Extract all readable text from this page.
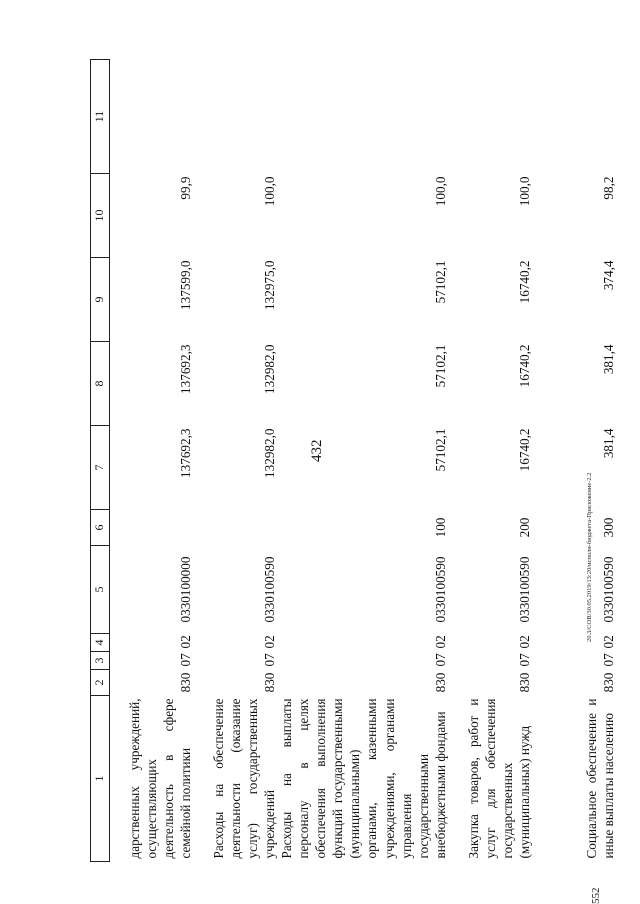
432
1	2	3	4	5	6	7	8	9	10	11
дарственных учреждений, осуществляющих деятельность в сфере семейной политики	830	07	02	0330100000		137692,3	137692,3	137599,0	99,9	
Расходы на обеспечение деятельности (оказание услуг) государственных учреждений	830	07	02	0330100590		132982,0	132982,0	132975,0	100,0	
Расходы на выплаты персоналу в целях обеспечения выполнения функций государственными (муниципальными) органами, казенными учреждениями, органами управления государственными внебюджетными фондами	830	07	02	0330100590	100	57102,1	57102,1	57102,1	100,0	
Закупка товаров, работ и услуг для обеспечения государственных (муниципальных) нужд	830	07	02	0330100590	200	16740,2	16740,2	16740,2	100,0	
Социальное обеспечение и иные выплаты населению	830	07	02	0330100590	300	381,4	381,4	374,4	98,2	
20.3/СОВ/30.05.2019/13:20/исполн-бюджета-Приложение-2.2
552
